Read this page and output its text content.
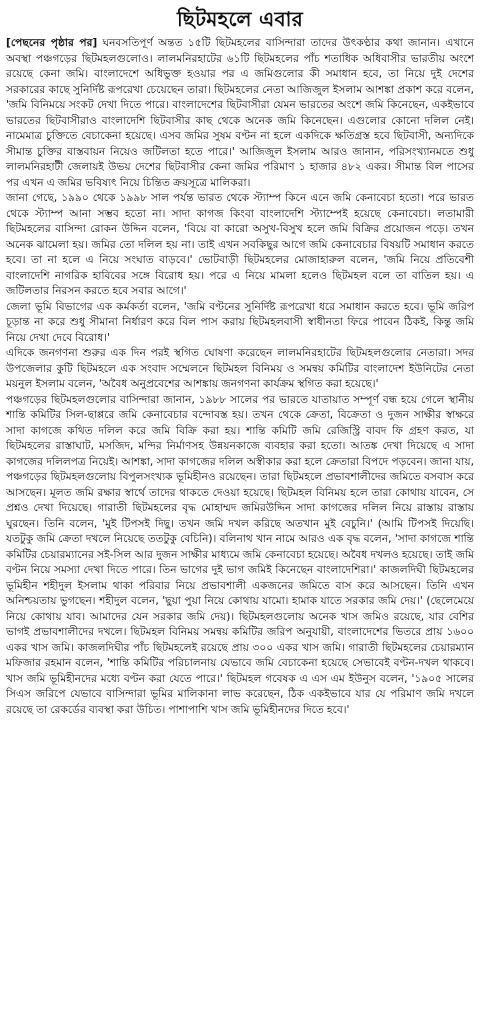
ছিটমহলে এবার

[পেছনের পৃষ্ঠার পর] ঘনবসতিপূর্ণ অন্তত ১৫টি ছিটমহলের বাসিন্দারা তাদের উৎকণ্ঠার কথা জানান। এখানে অবস্থা পঞ্চগড়ের ছিটমহলগুলোও। লালমনিরহাটের ৬১টি ছিটমহলের পাঁচ শতাধিক অধিবাসীর ভারতীয় অংশে রয়েছে কেনা জমি। বাংলাদেশে অধিভুক্ত হওয়ার পর এ জমিগুলোর কী সমাধান হবে, তা নিয়ে দুই দেশের সরকারের কাছে সুনির্দিষ্ট রূপরেখা চেয়েছেন তারা। ছিটমহলের নেতা আজিজুল ইসলাম আশঙ্কা প্রকাশ করে বলেন, 'জমি বিনিময়ে সংকট দেখা দিতে পারে। বাংলাদেশের ছিটবাসীরা যেমন ভারতের অংশে জমি কিনেছেন, একইভাবে ভারতের ছিটবাসীরাও বাংলাদেশি ছিটবাসীর কাছ থেকে অনেক জমি কিনেছেন। এগুলোর কোনো দলিল নেই। নামেমাত্র চুক্তিতে বেচাকেনা হয়েছে। এসব জমির সুষম বণ্টন না হলে একদিকে ক্ষতিগ্রস্ত হবে ছিটবাসী, অন্যদিকে সীমান্ত চুক্তির বাস্তবায়ন নিয়েও জটিলতা হতে পারে।' আজিজুল ইসলাম আরও জানান, পরিসংখ্যানমতে শুধু লালমনিরহাটী জেলায়ই উভয় দেশের ছিটবাসীর কেনা জমির পরিমাণ ১ হাজার ৪৮২ একর। সীমান্ত বিল পাসের পর এখন এ জমির ভবিষ্যৎ নিয়ে চিন্তিত ক্রয়সূত্রে মালিকরা।

জানা গেছে, ১৯৯০ থেকে ১৯৯৮ সাল পর্যন্ত ভারত থেকে স্ট্যাম্প কিনে এনে জমি কেনাবেচা হতো। পরে ভারত থেকে স্ট্যাম্প আনা সম্ভব হতো না। সাদা কাগজ কিংবা বাংলাদেশি স্ট্যাম্পেই হয়েছে কেনাবেচা। লতামারী ছিটমহলের বাসিন্দা রোকন উদ্দিন বলেন, 'বিয়ে বা কারো অসুখ-বিসুখ হলে জমি বিক্রির প্রয়োজন পড়ে। তখন অনেক ঝামেলা হয়। জমির তো দলিল হয় না। তাই এখন সবকিছুর আগে জমি কেনাবেচার বিষয়টি সমাধান করতে হবে। তা না হলে এ নিয়ে সংঘাত বাড়বে।' ভোটবাড়ী ছিটমহলের মোজাহারুল বলেন, 'জমি নিয়ে প্রতিবেশী বাংলাদেশি নাগরিক হাবিবের সঙ্গে বিরোধ হয়। পরে এ নিয়ে মামলা হলেও ছিটমহল বলে তা বাতিল হয়। এ জটিলতার নিরসন করতে হবে সবার আগে।'

জেলা ভূমি বিভাগের এক কর্মকর্তা বলেন, 'জমি বণ্টনের সুনির্দিষ্ট রূপরেখা ধরে সমাধান করতে হবে। ভূমি জরিপ চূড়ান্ত না করে শুধু সীমানা নির্ধারণ করে বিল পাস করায় ছিটমহলবাসী স্বাধীনতা ফিরে পাবেন ঠিকই, কিন্তু জমি নিয়ে দেখা দেবে বিরোধ।'

এদিকে জনগণনা শুরুর এক দিন পরই স্থগিত ঘোষণা করেছেন লালমনিরহাটের ছিটমহলগুলোর নেতারা। সদর উপজেলার কুটি ছিটমহলে এক সংবাদ সম্মেলনে ছিটমহল বিনিময় ও সমন্বয় কমিটির বাংলাদেশ ইউনিটের নেতা ময়নুল ইসলাম বলেন, 'অবৈধ অনুপ্রবেশের আশঙ্কায় জনগণনা কার্যক্রম স্থগিত করা হয়েছে।'

পঞ্চগড়ের ছিটমহলগুলোর বাসিন্দারা জানান, ১৯৮৮ সালের পর ভারতে যাতায়াত সম্পূর্ণ বন্ধ হয়ে গেলে স্থানীয় শান্তি কমিটির সিল-ছাপ্পরে জমি কেনাবেচার বন্দোবস্ত হয়। তখন থেকে ক্রেতা, বিক্রেতা ও দুজন সাক্ষীর স্বাক্ষরে সাদা কাগজে কথিত দলিল করে জমি বিক্রি করা হয়। শান্তি কমিটি জমি রেজিস্ট্রি বাবদ ফি গ্রহণ করত, যা ছিটমহলের রাস্তাঘাট, মসজিদ, মন্দির নির্মাণসহ উন্নয়নকাজে ব্যবহার করা হতো। আতঙ্ক দেখা দিয়েছে এ সাদা কাগজের দলিলপত্র নিয়েই। আশঙ্কা, সাদা কাগজের দলিল অস্বীকার করা হলে ক্রেতারা বিপদে পড়বেন। জানা যায়, পঞ্চগড়ের ছিটমহলগুলোয় বিপুলসংখ্যক ভূমিহীনও রয়েছেন। তারা ছিটমহলে প্রভাবশালীদের জমিতে বসবাস করে আসছেন। মূলত জমি রক্ষার স্বার্থে তাদের থাকতে দেওয়া হয়েছে। ছিটমহল বিনিময় হলে তারা কোথায় যাবেন, সে প্রশ্নও দেখা দিয়েছে। গারাতী ছিটমহলের বৃদ্ধ মোহাম্মদ জমিরউদ্দিন সাদা কাগজের দলিল নিয়ে রাস্তায় রাস্তায় ঘুরছেন। তিনি বলেন, 'মুই টিপসই দিছু। তখন জমি দখল করিছে অতখান মুই বেচুনি।' (আমি টিপসই দিয়েছি। যতটুকু জমি ক্রেতা দখলে নিয়েছে ততটুকু বেচিনি)। বলিনাথ খান নামে আরও এক বৃদ্ধ বলেন, 'সাদা কাগজে শান্তি কমিটির চেয়ারম্যানের সই-সিল আর দুজন সাক্ষীর মাধ্যমে জমি কেনাবেচা হয়েছে। অবৈধ দখলও হয়েছে। তাই জমি বণ্টন নিয়ে সমস্যা দেখা দিতে পারে। তিন ভাগের দুই ভাগ জমিই কিনেছেন বাংলাদেশিরা।' কাজলদিঘী ছিটমহলের ভূমিহীন শহীদুল ইসলাম থাকা পরিবার নিয়ে প্রভাবশালী একজনের জমিতে বাস করে আসছেন। তিনি এখন অনিশ্চয়তায় ভুগছেন। শহীদুল বলেন, 'ছুয়া পুয়া নিয়ে কোথায় যামো। হামাক যাতে সরকার জমি দেয়।' (ছেলেমেয়ে নিয়ে কোথায় যাব। আমাদের যেন সরকার জমি দেয়)। ছিটমহলগুলোয় অনেক খাস জমিও রয়েছে, যার বেশির ভাগই প্রভাবশালীদের দখলে। ছিটমহল বিনিময় সমন্বয় কমিটির জরিপ অনুযায়ী, বাংলাদেশের ভিতরে প্রায় ১৬০০ একর খাস জমি। কাজলদিঘীর পাঁচ ছিটমহলেই রয়েছে প্রায় ৩০০ একর খাস জমি। গারাতী ছিটমহলের চেয়ারম্যান মফিজার রহমান বলেন, 'শান্তি কমিটির পরিচালনায় যেভাবে জমি বেচাকেনা হয়েছে সেভাবেই বণ্টন-দখল থাকবে। খাস জমি ভূমিহীনদের মধ্যে বণ্টন করা যেতে পারে।' ছিটমহল গবেষক এ এস এম ইউনুস বলেন, '১৯০৫ সালের সিএস জরিপে যেভাবে বাসিন্দারা ভূমির মালিকানা লাভ করেছেন, ঠিক একইভাবে যার যে পরিমাণ জমি দখলে রয়েছে তা রেকর্ডের ব্যবস্থা করা উচিত। পাশাপাশি খাস জমি ভূমিহীনদের দিতে হবে।'
